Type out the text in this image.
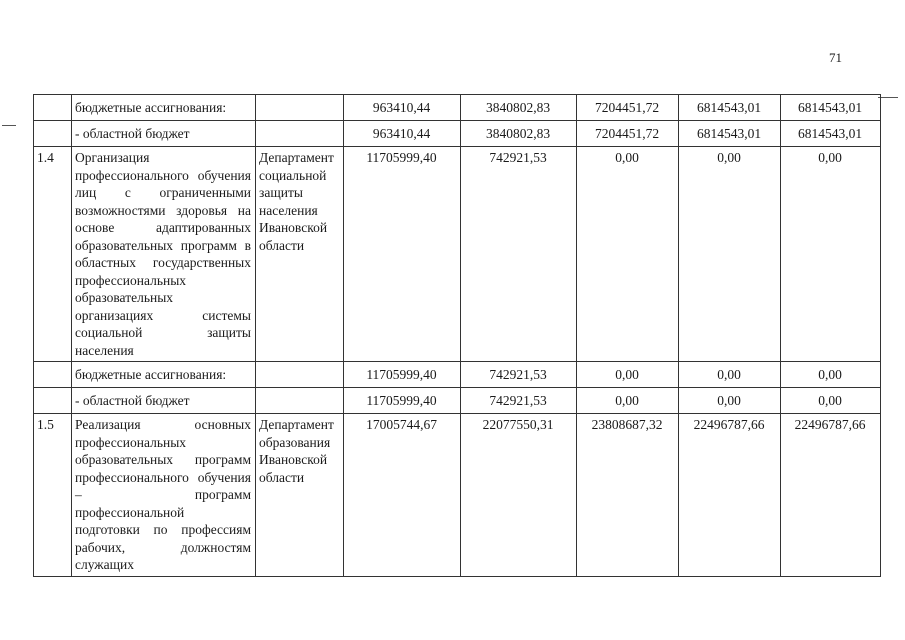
71
	бюджетные ассигнования:		963410,44	3840802,83	7204451,72	6814543,01	6814543,01
	- областной бюджет		963410,44	3840802,83	7204451,72	6814543,01	6814543,01
1.4	Организация профессионального обучения лиц с ограниченными возможностями здоровья на основе адаптированных образовательных программ в областных государственных профессиональных образовательных организациях системы социальной защиты населения	Департамент социальной защиты населения Ивановской области	11705999,40	742921,53	0,00	0,00	0,00
	бюджетные ассигнования:		11705999,40	742921,53	0,00	0,00	0,00
	- областной бюджет		11705999,40	742921,53	0,00	0,00	0,00
1.5	Реализация основных профессиональных образовательных программ профессионального обучения – программ профессиональной подготовки по профессиям рабочих, должностям служащих	Департамент образования Ивановской области	17005744,67	22077550,31	23808687,32	22496787,66	22496787,66
